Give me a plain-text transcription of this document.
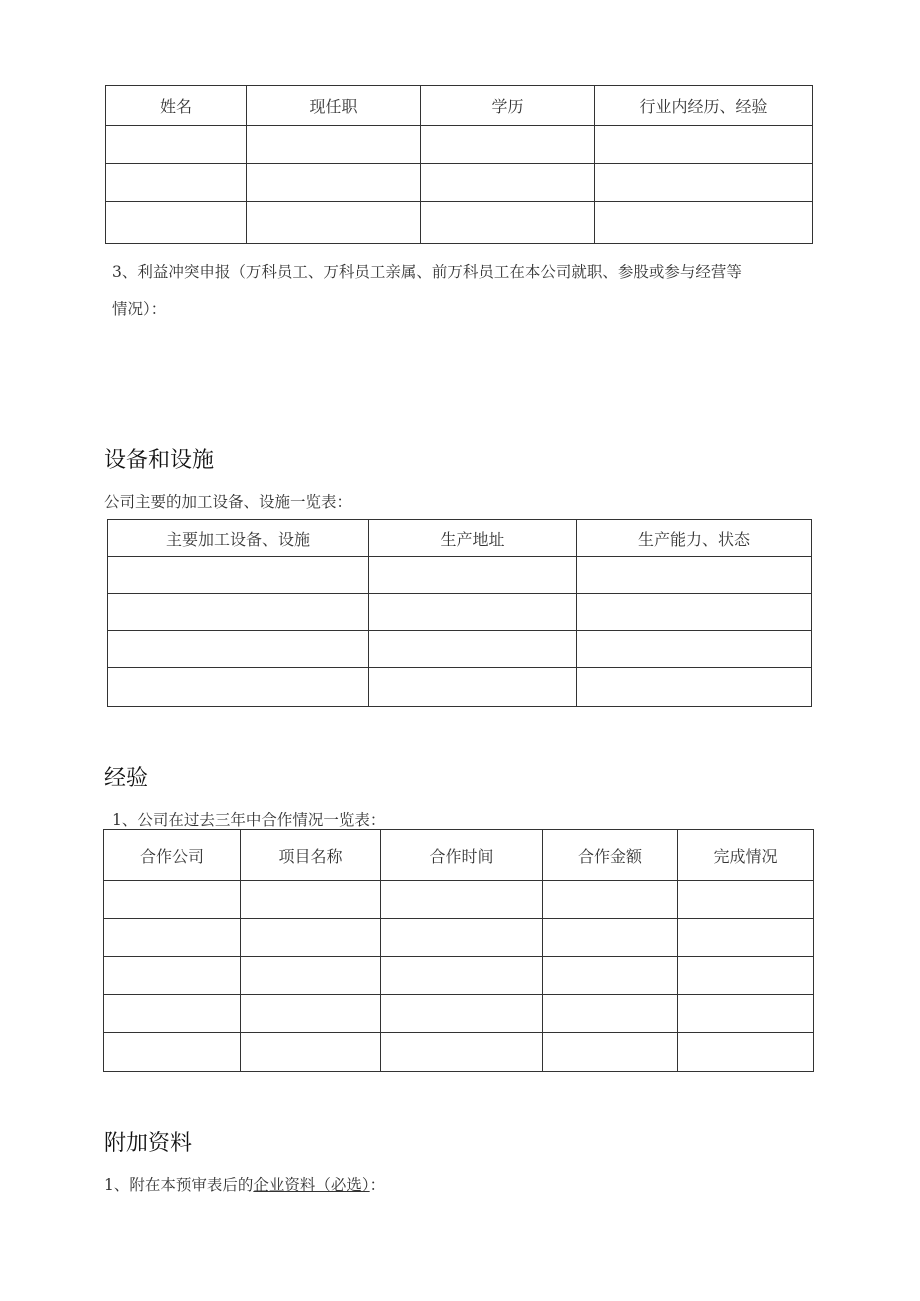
姓名	现任职	学历	行业内经历、经验

3、利益冲突申报（万科员工、万科员工亲属、前万科员工在本公司就职、参股或参与经营等
情况）：
设备和设施
公司主要的加工设备、设施一览表：
主要加工设备、设施	生产地址	生产能力、状态

经验
1、公司在过去三年中合作情况一览表：
合作公司	项目名称	合作时间	合作金额	完成情况

附加资料
1、附在本预审表后的企业资料（必选）：
